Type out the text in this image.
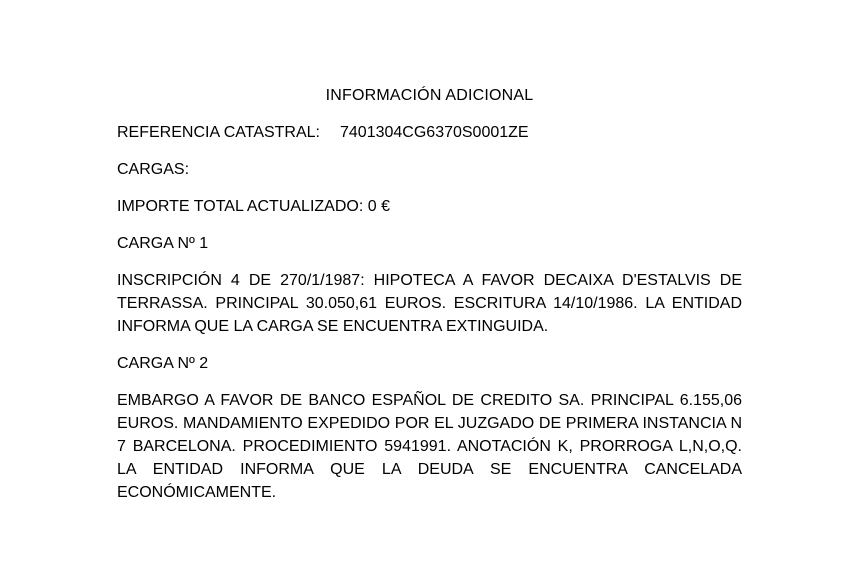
INFORMACIÓN ADICIONAL

REFERENCIA CATASTRAL: 7401304CG6370S0001ZE

CARGAS:

IMPORTE TOTAL ACTUALIZADO: 0 €

CARGA Nº 1

INSCRIPCIÓN 4 DE 270/1/1987: HIPOTECA A FAVOR DECAIXA D'ESTALVIS DE TERRASSA. PRINCIPAL 30.050,61 EUROS. ESCRITURA 14/10/1986. LA ENTIDAD INFORMA QUE LA CARGA SE ENCUENTRA EXTINGUIDA.

CARGA Nº 2

EMBARGO A FAVOR DE BANCO ESPAÑOL DE CREDITO SA. PRINCIPAL 6.155,06 EUROS. MANDAMIENTO EXPEDIDO POR EL JUZGADO DE PRIMERA INSTANCIA N 7 BARCELONA. PROCEDIMIENTO 5941991. ANOTACIÓN K, PRORROGA L,N,O,Q. LA ENTIDAD INFORMA QUE LA DEUDA SE ENCUENTRA CANCELADA ECONÓMICAMENTE.
